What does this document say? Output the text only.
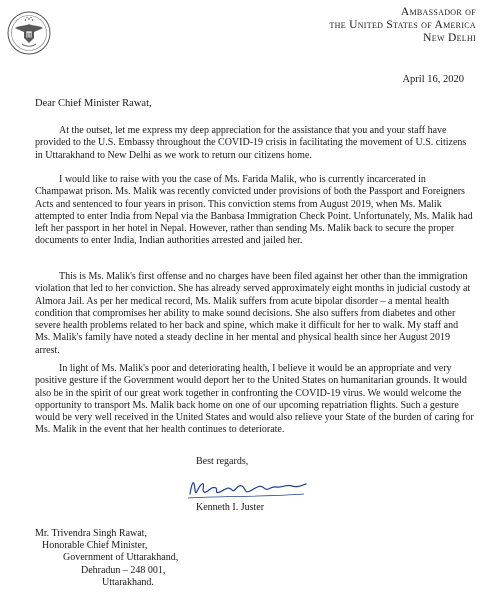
Ambassador of
the United States of America
New Delhi
April 16, 2020
Dear Chief Minister Rawat,

At the outset, let me express my deep appreciation for the assistance that you and your staff have provided to the U.S. Embassy throughout the COVID-19 crisis in facilitating the movement of U.S. citizens in Uttarakhand to New Delhi as we work to return our citizens home.

I would like to raise with you the case of Ms. Farida Malik, who is currently incarcerated in Champawat prison. Ms. Malik was recently convicted under provisions of both the Passport and Foreigners Acts and sentenced to four years in prison. This conviction stems from August 2019, when Ms. Malik attempted to enter India from Nepal via the Banbasa Immigration Check Point. Unfortunately, Ms. Malik had left her passport in her hotel in Nepal. However, rather than sending Ms. Malik back to secure the proper documents to enter India, Indian authorities arrested and jailed her.

This is Ms. Malik's first offense and no charges have been filed against her other than the immigration violation that led to her conviction. She has already served approximately eight months in judicial custody at Almora Jail. As per her medical record, Ms. Malik suffers from acute bipolar disorder – a mental health condition that compromises her ability to make sound decisions. She also suffers from diabetes and other severe health problems related to her back and spine, which make it difficult for her to walk. My staff and Ms. Malik's family have noted a steady decline in her mental and physical health since her August 2019 arrest.

In light of Ms. Malik's poor and deteriorating health, I believe it would be an appropriate and very positive gesture if the Government would deport her to the United States on humanitarian grounds. It would also be in the spirit of our great work together in confronting the COVID-19 virus. We would welcome the opportunity to transport Ms. Malik back home on one of our upcoming repatriation flights. Such a gesture would be very well received in the United States and would also relieve your State of the burden of caring for Ms. Malik in the event that her health continues to deteriorate.

Best regards,
Kenneth I. Juster
Mr. Trivendra Singh Rawat,
Honorable Chief Minister,
Government of Uttarakhand,
Dehradun – 248 001,
Uttarakhand.
